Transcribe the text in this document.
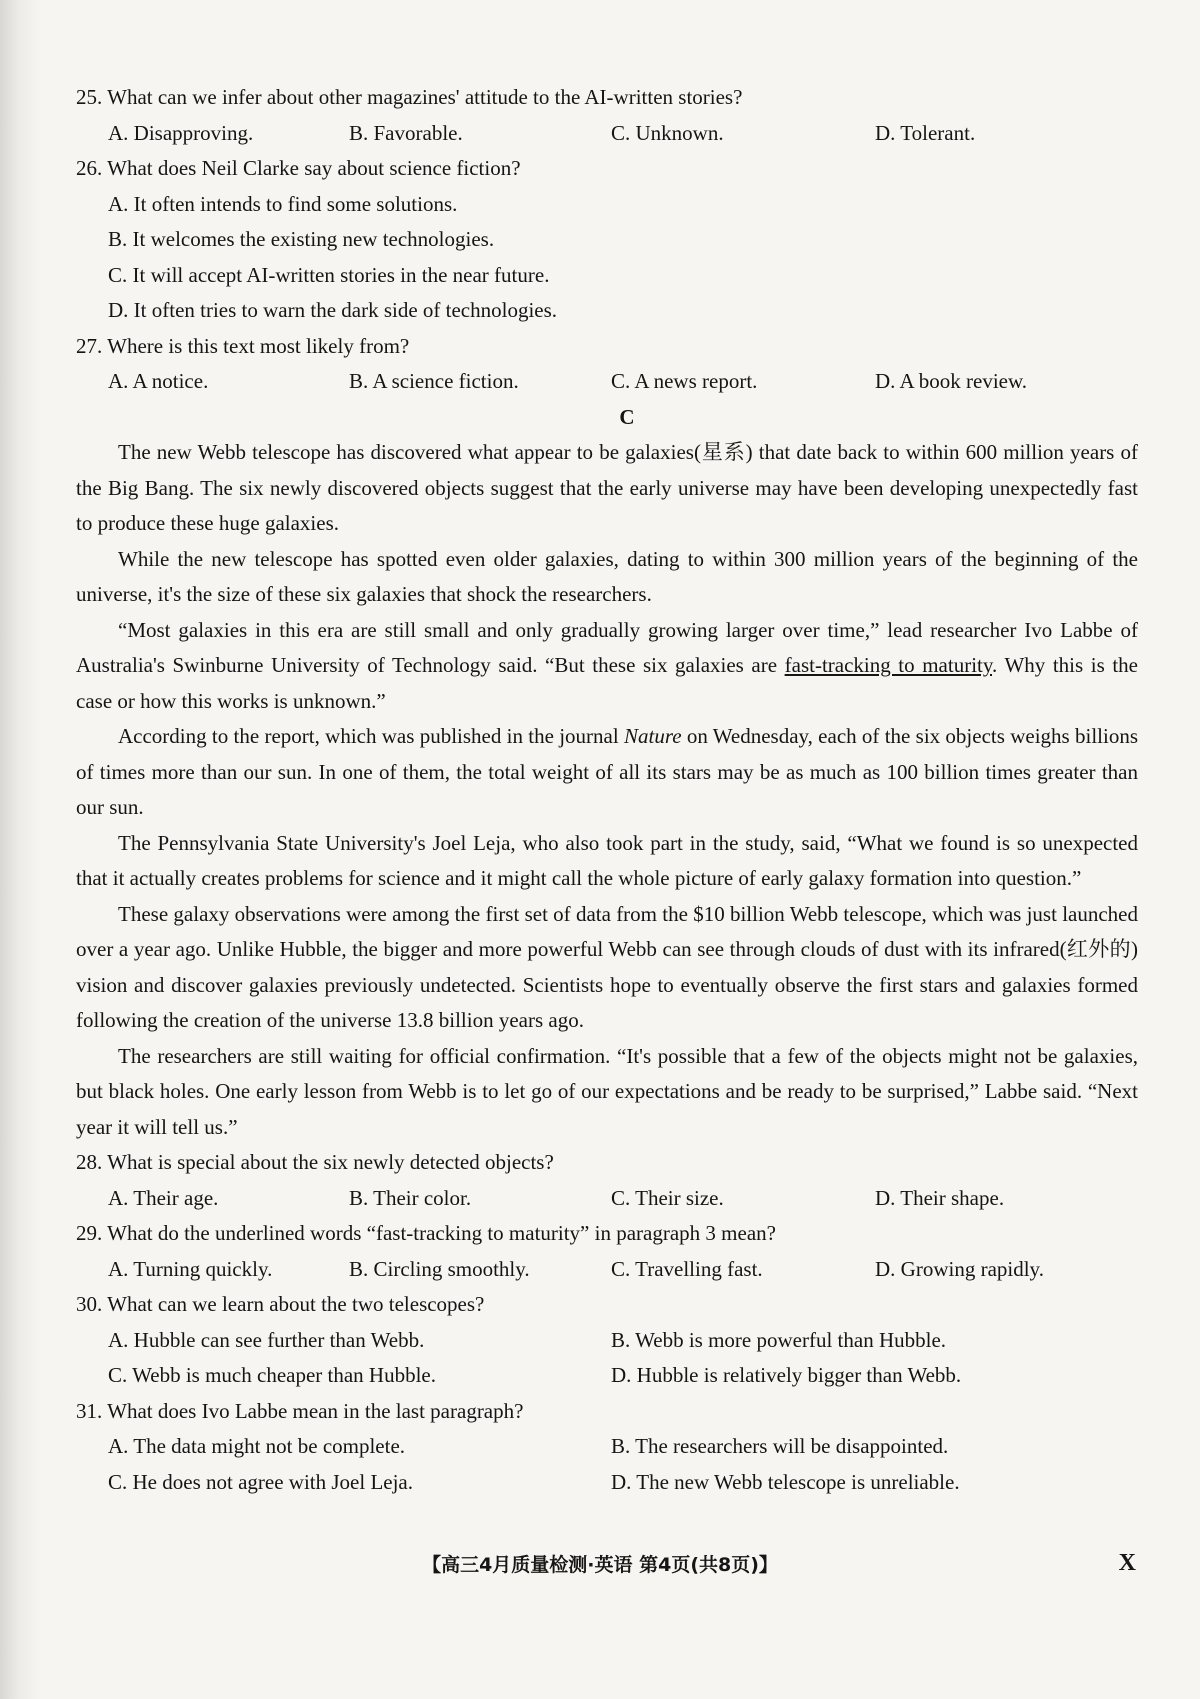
25. What can we infer about other magazines' attitude to the AI-written stories?

A. Disapproving.	B. Favorable.	C. Unknown.	D. Tolerant.

26. What does Neil Clarke say about science fiction?

A. It often intends to find some solutions.
B. It welcomes the existing new technologies.
C. It will accept AI-written stories in the near future.
D. It often tries to warn the dark side of technologies.

27. Where is this text most likely from?

A. A notice.	B. A science fiction.	C. A news report.	D. A book review.

C

The new Webb telescope has discovered what appear to be galaxies(星系) that date back to within 600 million years of the Big Bang. The six newly discovered objects suggest that the early universe may have been developing unexpectedly fast to produce these huge galaxies.

While the new telescope has spotted even older galaxies, dating to within 300 million years of the beginning of the universe, it's the size of these six galaxies that shock the researchers.

“Most galaxies in this era are still small and only gradually growing larger over time,” lead researcher Ivo Labbe of Australia's Swinburne University of Technology said. “But these six galaxies are fast-tracking to maturity. Why this is the case or how this works is unknown.”

According to the report, which was published in the journal Nature on Wednesday, each of the six objects weighs billions of times more than our sun. In one of them, the total weight of all its stars may be as much as 100 billion times greater than our sun.

The Pennsylvania State University's Joel Leja, who also took part in the study, said, “What we found is so unexpected that it actually creates problems for science and it might call the whole picture of early galaxy formation into question.”

These galaxy observations were among the first set of data from the $10 billion Webb telescope, which was just launched over a year ago. Unlike Hubble, the bigger and more powerful Webb can see through clouds of dust with its infrared(红外的) vision and discover galaxies previously undetected. Scientists hope to eventually observe the first stars and galaxies formed following the creation of the universe 13.8 billion years ago.

The researchers are still waiting for official confirmation. “It's possible that a few of the objects might not be galaxies, but black holes. One early lesson from Webb is to let go of our expectations and be ready to be surprised,” Labbe said. “Next year it will tell us.”

28. What is special about the six newly detected objects?

A. Their age.	B. Their color.	C. Their size.	D. Their shape.

29. What do the underlined words “fast-tracking to maturity” in paragraph 3 mean?

A. Turning quickly.	B. Circling smoothly.	C. Travelling fast.	D. Growing rapidly.

30. What can we learn about the two telescopes?

A. Hubble can see further than Webb.	B. Webb is more powerful than Hubble.
C. Webb is much cheaper than Hubble.	D. Hubble is relatively bigger than Webb.

31. What does Ivo Labbe mean in the last paragraph?

A. The data might not be complete.	B. The researchers will be disappointed.
C. He does not agree with Joel Leja.	D. The new Webb telescope is unreliable.
【高三4月质量检测·英语 第4页(共8页)】	X
